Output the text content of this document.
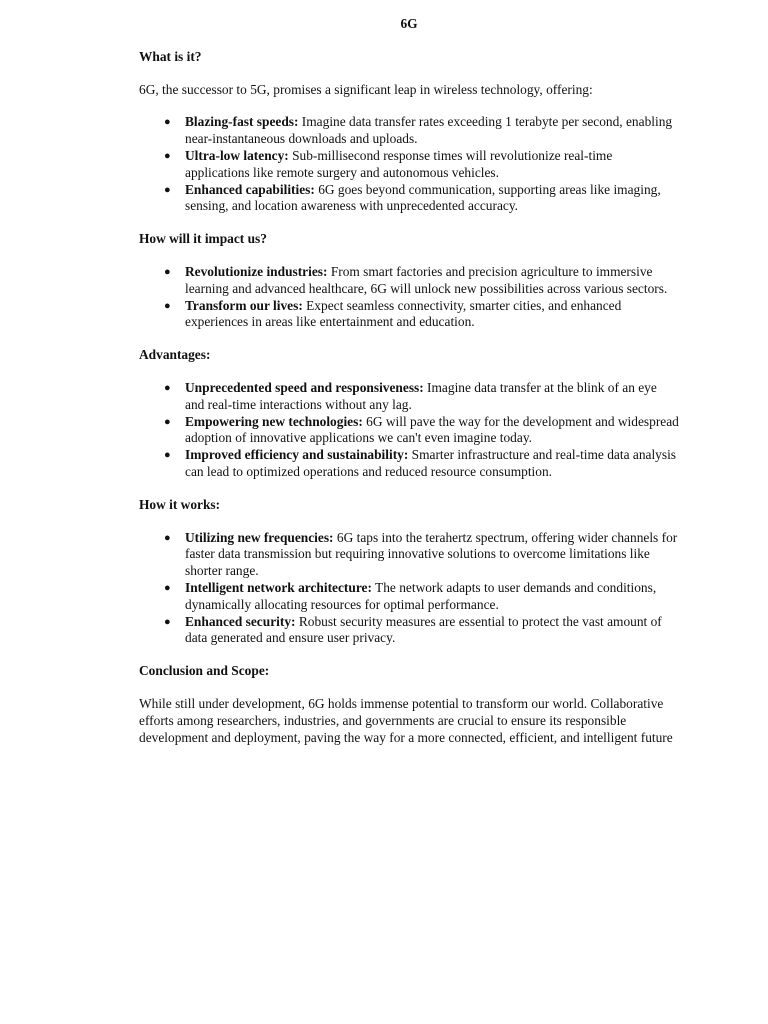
6G
What is it?

6G, the successor to 5G, promises a significant leap in wireless technology, offering:

● Blazing-fast speeds: Imagine data transfer rates exceeding 1 terabyte per second, enabling near-instantaneous downloads and uploads.
● Ultra-low latency: Sub-millisecond response times will revolutionize real-time applications like remote surgery and autonomous vehicles.
● Enhanced capabilities: 6G goes beyond communication, supporting areas like imaging, sensing, and location awareness with unprecedented accuracy.
How will it impact us?
● Revolutionize industries: From smart factories and precision agriculture to immersive learning and advanced healthcare, 6G will unlock new possibilities across various sectors.
● Transform our lives: Expect seamless connectivity, smarter cities, and enhanced experiences in areas like entertainment and education.
Advantages:
● Unprecedented speed and responsiveness: Imagine data transfer at the blink of an eye and real-time interactions without any lag.
● Empowering new technologies: 6G will pave the way for the development and widespread adoption of innovative applications we can't even imagine today.
● Improved efficiency and sustainability: Smarter infrastructure and real-time data analysis can lead to optimized operations and reduced resource consumption.
How it works:
● Utilizing new frequencies: 6G taps into the terahertz spectrum, offering wider channels for faster data transmission but requiring innovative solutions to overcome limitations like shorter range.
● Intelligent network architecture: The network adapts to user demands and conditions, dynamically allocating resources for optimal performance.
● Enhanced security: Robust security measures are essential to protect the vast amount of data generated and ensure user privacy.
Conclusion and Scope:

While still under development, 6G holds immense potential to transform our world. Collaborative efforts among researchers, industries, and governments are crucial to ensure its responsible development and deployment, paving the way for a more connected, efficient, and intelligent future
